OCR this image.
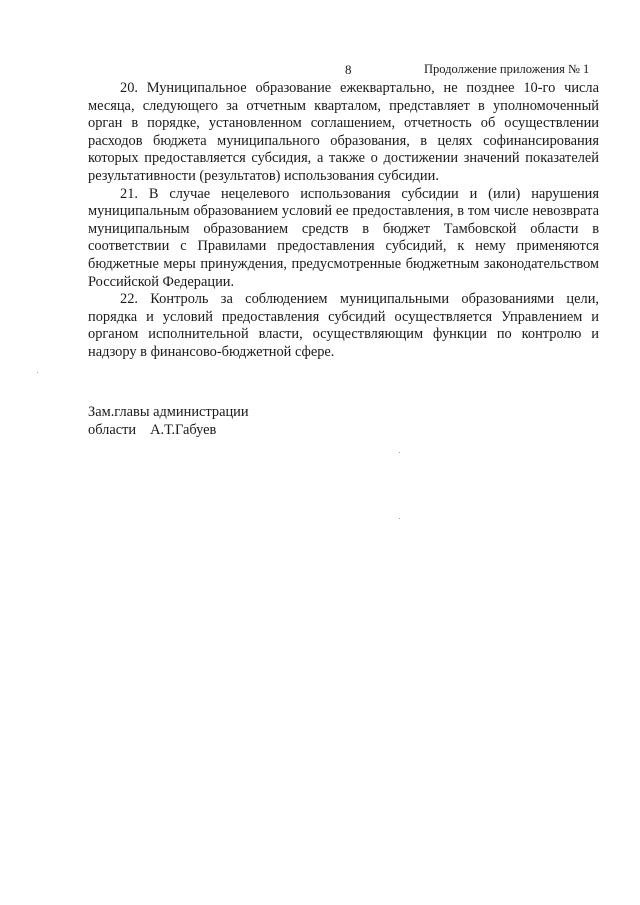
8	Продолжение приложения № 1

20. Муниципальное образование ежеквартально, не позднее 10-го числа месяца, следующего за отчетным кварталом, представляет в уполномоченный орган в порядке, установленном соглашением, отчетность об осуществлении расходов бюджета муниципального образования, в целях софинансирования которых предоставляется субсидия, а также о достижении значений показателей результативности (результатов) использования субсидии.

21. В случае нецелевого использования субсидии и (или) нарушения муниципальным образованием условий ее предоставления, в том числе невозврата муниципальным образованием средств в бюджет Тамбовской области в соответствии с Правилами предоставления субсидий, к нему применяются бюджетные меры принуждения, предусмотренные бюджетным законодательством Российской Федерации.

22. Контроль за соблюдением муниципальными образованиями цели, порядка и условий предоставления субсидий осуществляется Управлением и органом исполнительной власти, осуществляющим функции по контролю и надзору в финансово-бюджетной сфере.

Зам.главы администрации
области А.Т.Габуев
